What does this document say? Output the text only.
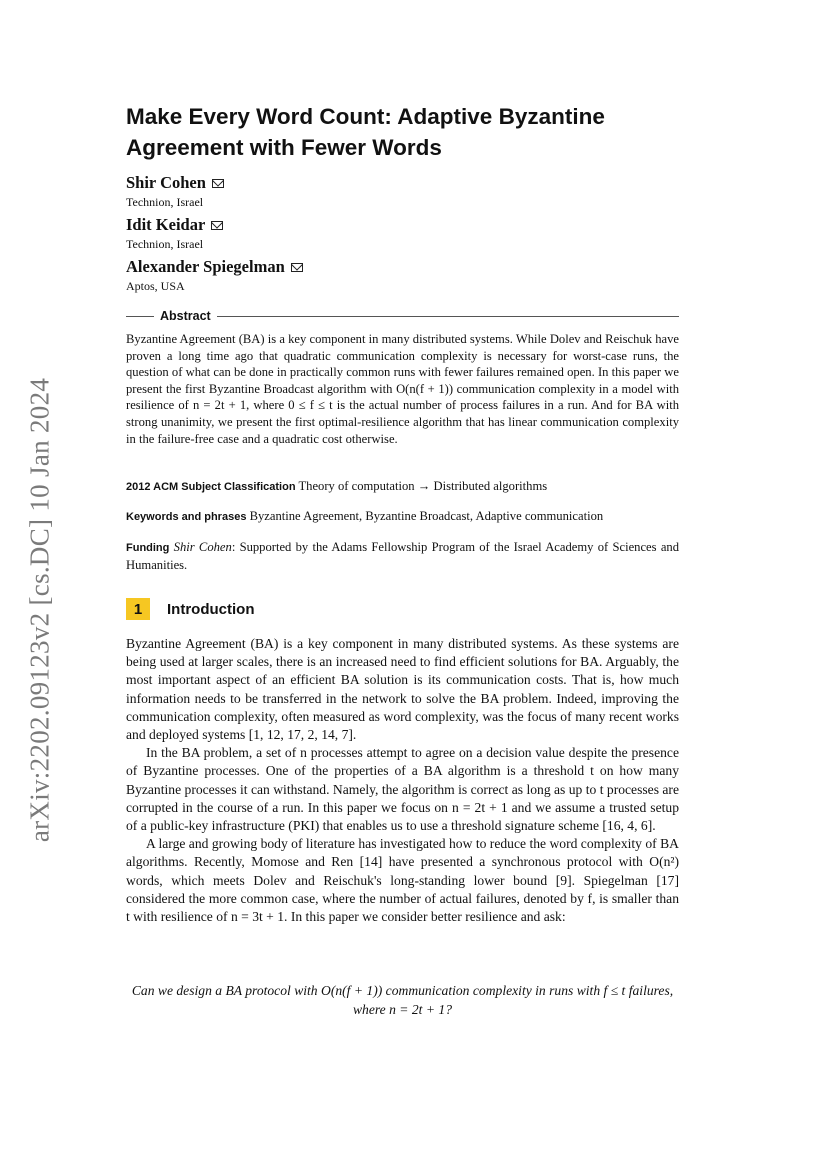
arXiv:2202.09123v2 [cs.DC] 10 Jan 2024
Make Every Word Count: Adaptive Byzantine Agreement with Fewer Words
Shir Cohen
Technion, Israel
Idit Keidar
Technion, Israel
Alexander Spiegelman
Aptos, USA
Abstract
Byzantine Agreement (BA) is a key component in many distributed systems. While Dolev and Reischuk have proven a long time ago that quadratic communication complexity is necessary for worst-case runs, the question of what can be done in practically common runs with fewer failures remained open. In this paper we present the first Byzantine Broadcast algorithm with O(n(f + 1)) communication complexity in a model with resilience of n = 2t + 1, where 0 ≤ f ≤ t is the actual number of process failures in a run. And for BA with strong unanimity, we present the first optimal-resilience algorithm that has linear communication complexity in the failure-free case and a quadratic cost otherwise.
2012 ACM Subject Classification Theory of computation → Distributed algorithms
Keywords and phrases Byzantine Agreement, Byzantine Broadcast, Adaptive communication
Funding Shir Cohen: Supported by the Adams Fellowship Program of the Israel Academy of Sciences and Humanities.
1	Introduction

Byzantine Agreement (BA) is a key component in many distributed systems. As these systems are being used at larger scales, there is an increased need to find efficient solutions for BA. Arguably, the most important aspect of an efficient BA solution is its communication costs. That is, how much information needs to be transferred in the network to solve the BA problem. Indeed, improving the communication complexity, often measured as word complexity, was the focus of many recent works and deployed systems [1, 12, 17, 2, 14, 7].

In the BA problem, a set of n processes attempt to agree on a decision value despite the presence of Byzantine processes. One of the properties of a BA algorithm is a threshold t on how many Byzantine processes it can withstand. Namely, the algorithm is correct as long as up to t processes are corrupted in the course of a run. In this paper we focus on n = 2t + 1 and we assume a trusted setup of a public-key infrastructure (PKI) that enables us to use a threshold signature scheme [16, 4, 6].

A large and growing body of literature has investigated how to reduce the word complexity of BA algorithms. Recently, Momose and Ren [14] have presented a synchronous protocol with O(n²) words, which meets Dolev and Reischuk's long-standing lower bound [9]. Spiegelman [17] considered the more common case, where the number of actual failures, denoted by f, is smaller than t with resilience of n = 3t + 1. In this paper we consider better resilience and ask:

Can we design a BA protocol with O(n(f + 1)) communication complexity in runs with f ≤ t failures, where n = 2t + 1?
